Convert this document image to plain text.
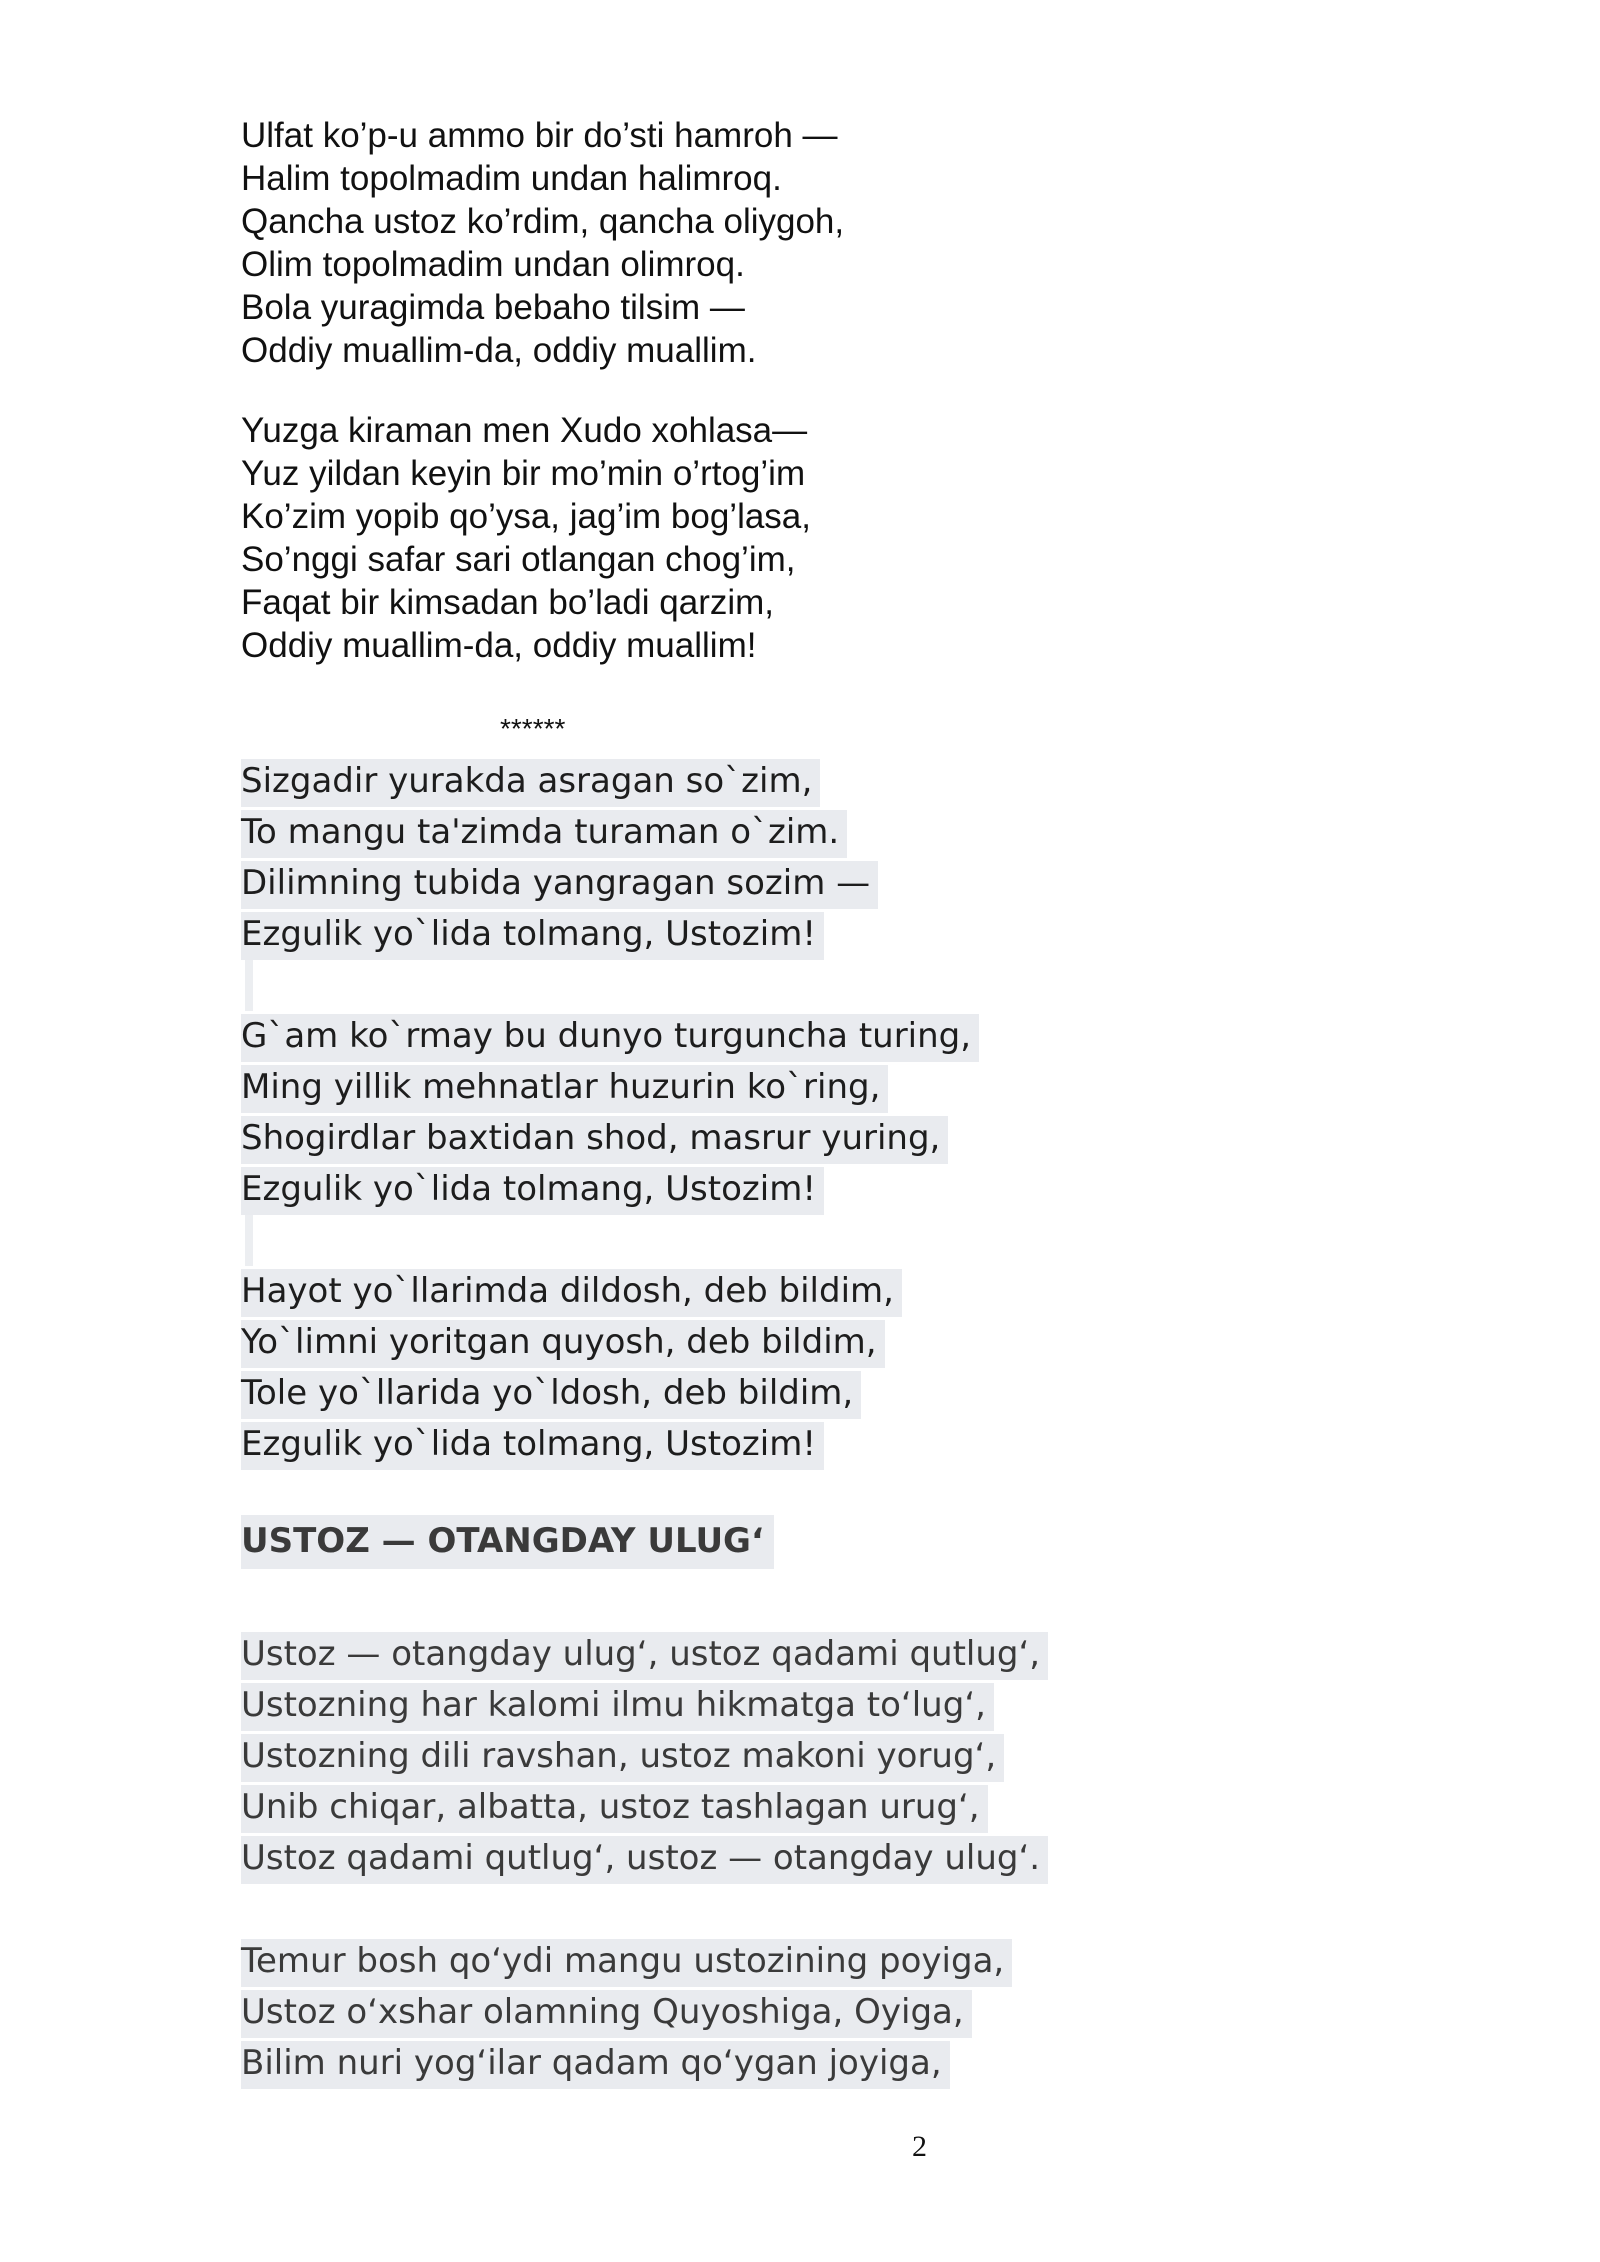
Ulfat ko’p-u ammo bir do’sti hamroh —
Halim topolmadim undan halimroq.
Qancha ustoz ko’rdim, qancha oliygoh,
Olim topolmadim undan olimroq.
Bola yuragimda bebaho tilsim —
Oddiy muallim-da, oddiy muallim.
Yuzga kiraman men Xudo xohlasa—
Yuz yildan keyin bir mo’min o’rtog’im
Ko’zim yopib qo’ysa, jag’im bog’lasa,
So’nggi safar sari otlangan chog’im,
Faqat bir kimsadan bo’ladi qarzim,
Oddiy muallim-da, oddiy muallim!
******
Sizgadir yurakda asragan so`zim,
To mangu ta'zimda turaman o`zim.
Dilimning tubida yangragan sozim —
Ezgulik yo`lida tolmang, Ustozim!
G`am ko`rmay bu dunyo turguncha turing,
Ming yillik mehnatlar huzurin ko`ring,
Shogirdlar baxtidan shod, masrur yuring,
Ezgulik yo`lida tolmang, Ustozim!
Hayot yo`llarimda dildosh, deb bildim,
Yo`limni yoritgan quyosh, deb bildim,
Tole yo`llarida yo`ldosh, deb bildim,
Ezgulik yo`lida tolmang, Ustozim!
USTOZ — OTANGDAY ULUG‘
Ustoz — otangday ulug‘, ustoz qadami qutlug‘,
Ustozning har kalomi ilmu hikmatga to‘lug‘,
Ustozning dili ravshan, ustoz makoni yorug‘,
Unib chiqar, albatta, ustoz tashlagan urug‘,
Ustoz qadami qutlug‘, ustoz — otangday ulug‘.
Temur bosh qo‘ydi mangu ustozining poyiga,
Ustoz o‘xshar olamning Quyoshiga, Oyiga,
Bilim nuri yog‘ilar qadam qo‘ygan joyiga,
2
